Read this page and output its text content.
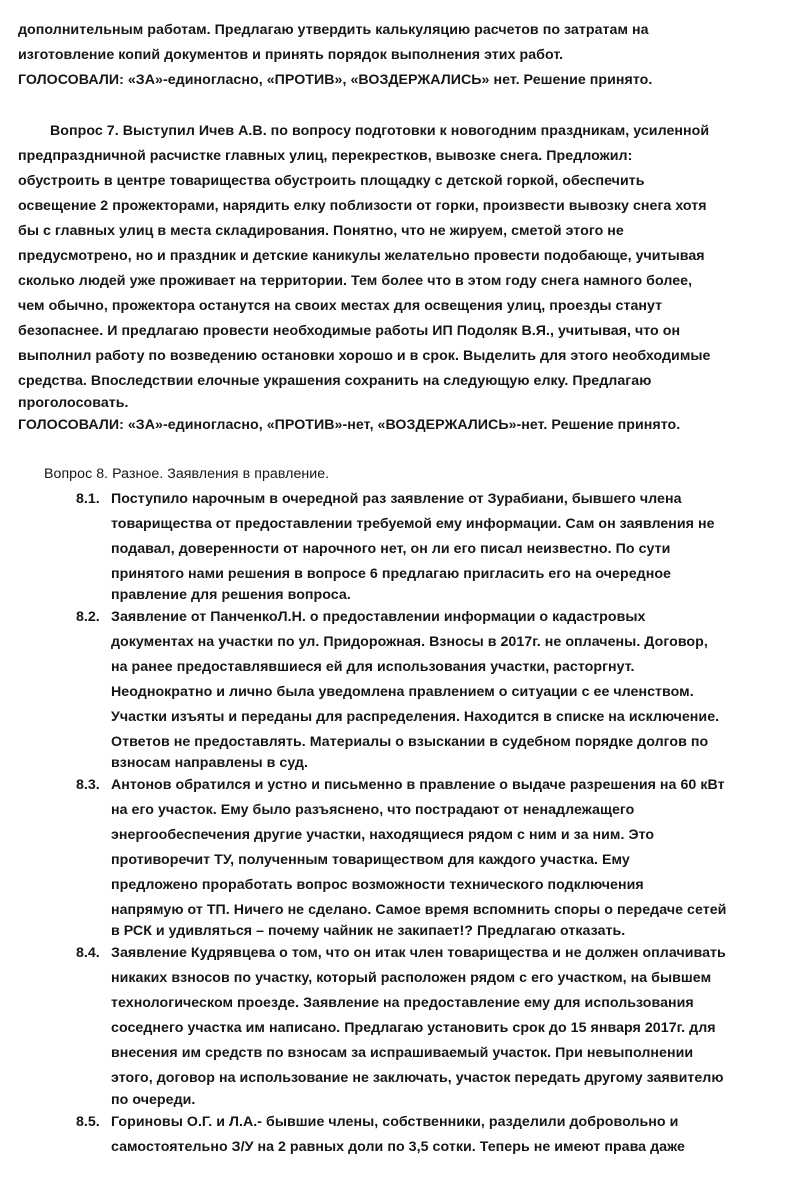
дополнительным работам. Предлагаю утвердить калькуляцию расчетов по затратам на
изготовление копий документов и принять порядок выполнения этих работ.
ГОЛОСОВАЛИ: «ЗА»-единогласно, «ПРОТИВ», «ВОЗДЕРЖАЛИСЬ» нет. Решение принято.
Вопрос 7. Выступил Ичев А.В. по вопросу подготовки к новогодним праздникам, усиленной
предпраздничной расчистке главных улиц, перекрестков, вывозке снега. Предложил:
обустроить в центре товарищества обустроить площадку с детской горкой, обеспечить
освещение 2 прожекторами, нарядить елку поблизости от горки, произвести вывозку снега хотя
бы с главных улиц в места складирования. Понятно, что не жируем, сметой этого не
предусмотрено, но и праздник и детские каникулы желательно провести подобающе, учитывая
сколько людей уже проживает на территории. Тем более что в этом году снега намного более,
чем обычно, прожектора останутся на своих местах для освещения улиц, проезды станут
безопаснее. И предлагаю провести необходимые работы ИП Подоляк В.Я., учитывая, что он
выполнил работу по возведению остановки хорошо и в срок. Выделить для этого необходимые
средства. Впоследствии елочные украшения сохранить на следующую елку. Предлагаю
проголосовать.
ГОЛОСОВАЛИ: «ЗА»-единогласно, «ПРОТИВ»-нет, «ВОЗДЕРЖАЛИСЬ»-нет. Решение принято.
Вопрос 8. Разное. Заявления в правление.
8.1. Поступило нарочным в очередной раз заявление от Зурабиани, бывшего члена
товарищества от предоставлении требуемой ему информации. Сам он заявления не
подавал, доверенности от нарочного нет, он ли его писал неизвестно. По сути
принятого нами решения в вопросе 6 предлагаю пригласить его на очередное
правление для решения вопроса.
8.2. Заявление от ПанченкоЛ.Н. о предоставлении информации о кадастровых
документах на участки по ул. Придорожная. Взносы в 2017г. не оплачены. Договор,
на ранее предоставлявшиеся ей для использования участки, расторгнут.
Неоднократно и лично была уведомлена правлением о ситуации с ее членством.
Участки изъяты и переданы для распределения. Находится в списке на исключение.
Ответов не предоставлять. Материалы о взыскании в судебном порядке долгов по
взносам направлены в суд.
8.3. Антонов обратился и устно и письменно в правление о выдаче разрешения на 60 кВт
на его участок. Ему было разъяснено, что пострадают от ненадлежащего
энергообеспечения другие участки, находящиеся рядом с ним и за ним. Это
противоречит ТУ, полученным товариществом для каждого участка. Ему
предложено проработать вопрос возможности технического подключения
напрямую от ТП. Ничего не сделано. Самое время вспомнить споры о передаче сетей
в РСК и удивляться – почему чайник не закипает!? Предлагаю отказать.
8.4. Заявление Кудрявцева о том, что он итак член товарищества и не должен оплачивать
никаких взносов по участку, который расположен рядом с его участком, на бывшем
технологическом проезде. Заявление на предоставление ему для использования
соседнего участка им написано. Предлагаю установить срок до 15 января 2017г. для
внесения им средств по взносам за испрашиваемый участок. При невыполнении
этого, договор на использование не заключать, участок передать другому заявителю
по очереди.
8.5. Гориновы О.Г. и Л.А.- бывшие члены, собственники, разделили добровольно и
самостоятельно З/У на 2 равных доли по 3,5 сотки. Теперь не имеют права даже
